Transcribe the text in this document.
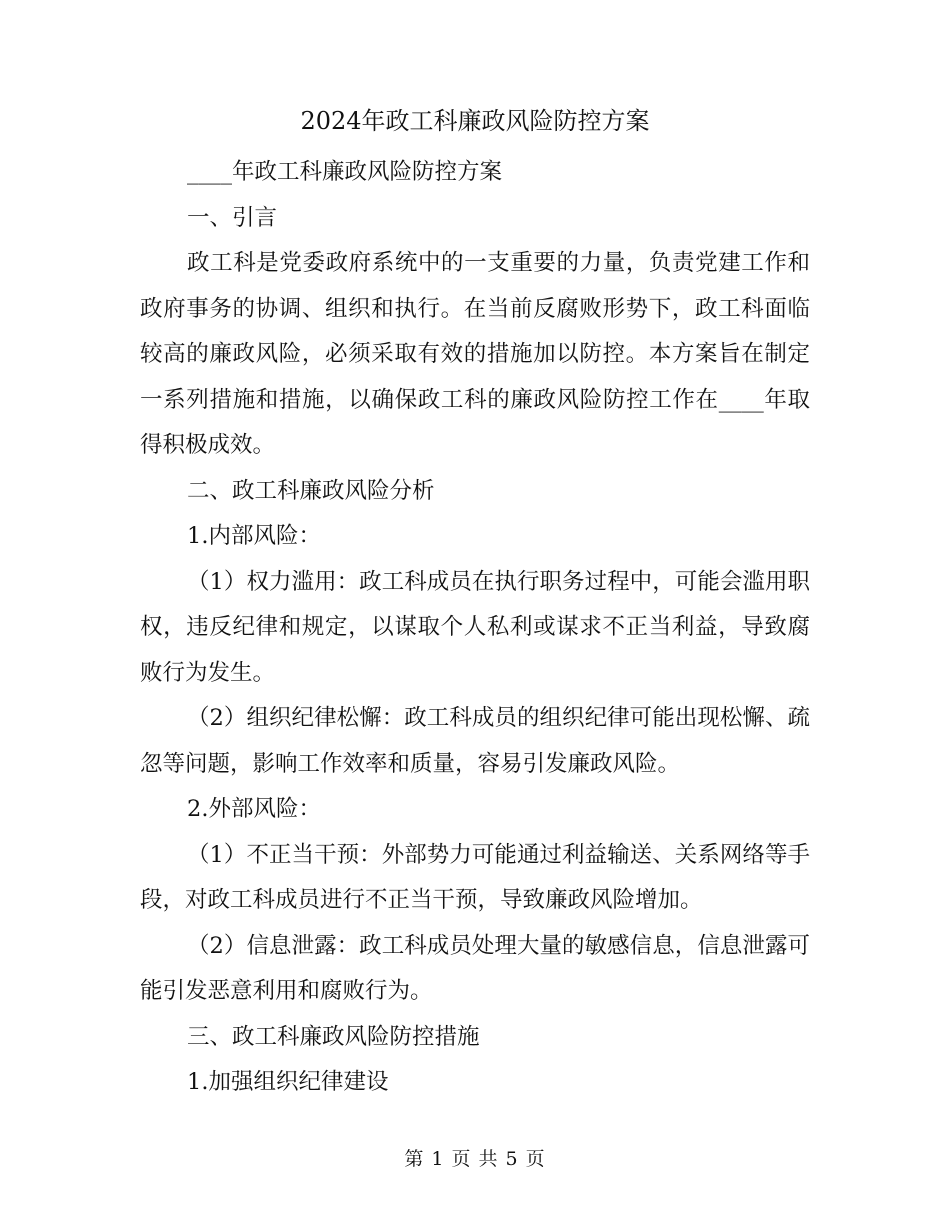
2024年政工科廉政风险防控方案

____年政工科廉政风险防控方案

一、引言

政工科是党委政府系统中的一支重要的力量，负责党建工作和政府事务的协调、组织和执行。在当前反腐败形势下，政工科面临较高的廉政风险，必须采取有效的措施加以防控。本方案旨在制定一系列措施和措施，以确保政工科的廉政风险防控工作在____年取得积极成效。

二、政工科廉政风险分析

1.内部风险：

（1）权力滥用：政工科成员在执行职务过程中，可能会滥用职权，违反纪律和规定，以谋取个人私利或谋求不正当利益，导致腐败行为发生。

（2）组织纪律松懈：政工科成员的组织纪律可能出现松懈、疏忽等问题，影响工作效率和质量，容易引发廉政风险。

2.外部风险：

（1）不正当干预：外部势力可能通过利益输送、关系网络等手段，对政工科成员进行不正当干预，导致廉政风险增加。

（2）信息泄露：政工科成员处理大量的敏感信息，信息泄露可能引发恶意利用和腐败行为。

三、政工科廉政风险防控措施

1.加强组织纪律建设

第 1 页 共 5 页
